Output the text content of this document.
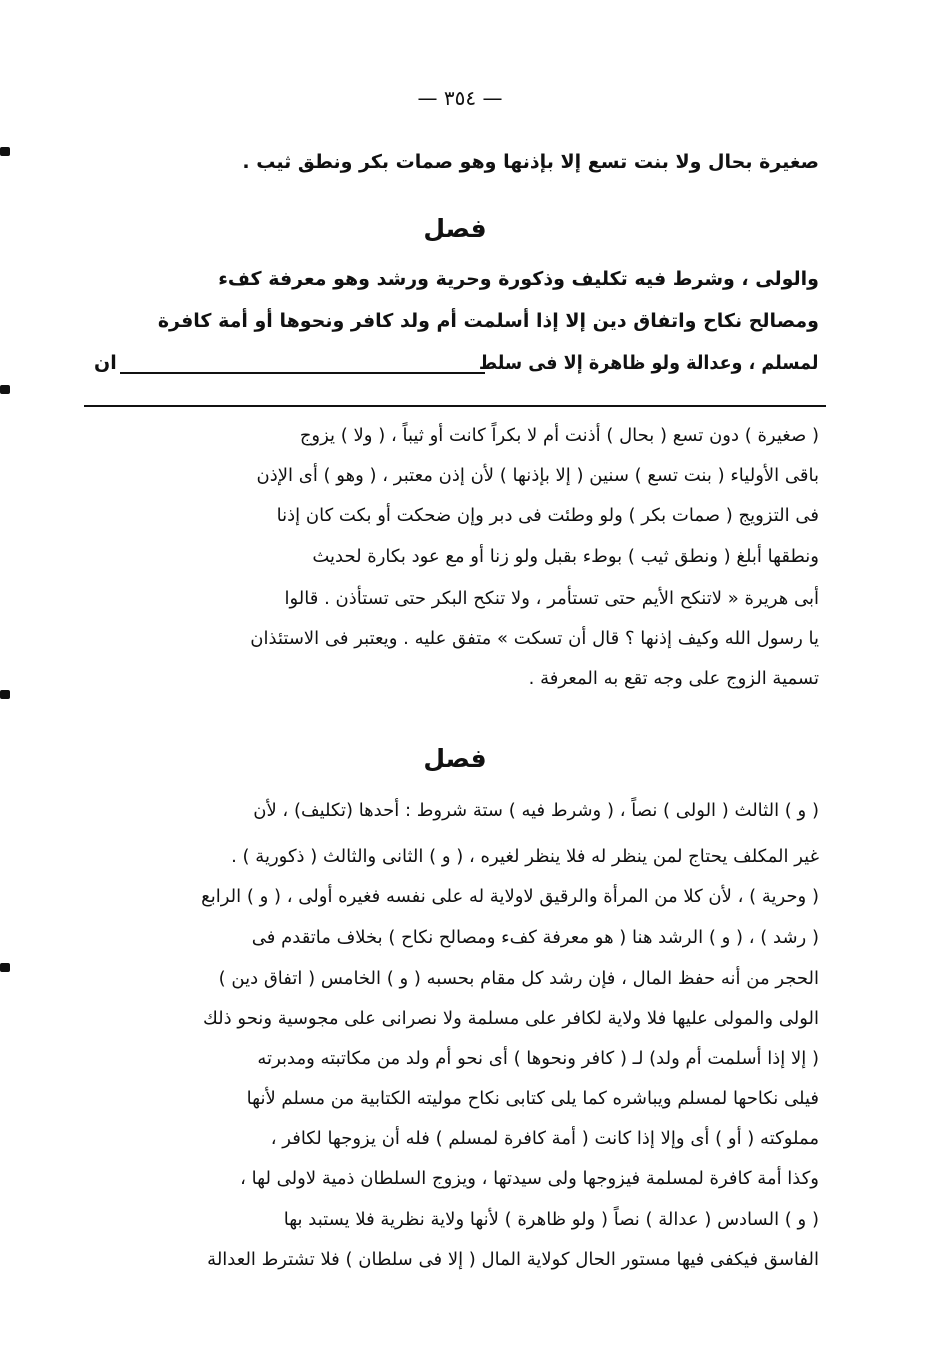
— ٣٥٤ —
صغيرة بحال ولا بنت تسع إلا بإذنها وهو صمات بكر ونطق ثيب .
فصل
والولى ، وشرط فيه تكليف وذكورة وحرية ورشد وهو معرفة كفء
ومصالح نكاح واتفاق دين إلا إذا أسلمت أم ولد كافر ونحوها أو أمة كافرة
لمسلم ، وعدالة ولو ظاهرة إلا فى سلط
ان
( صغيرة ) دون تسع ( بحال ) أذنت أم لا بكراً كانت أو ثيباً ، ( ولا ) يزوج
باقى الأولياء ( بنت تسع ) سنين ( إلا بإذنها ) لأن إذن معتبر ، ( وهو ) أى الإذن
فى التزويج ( صمات بكر ) ولو وطئت فى دبر وإن ضحكت أو بكت كان إذنا
ونطقها أبلغ ( ونطق ثيب ) بوطء بقبل ولو زنا أو مع عود بكارة لحديث
أبى هريرة « لاتنكح الأيم حتى تستأمر ، ولا تنكح البكر حتى تستأذن . قالوا
يا رسول الله وكيف إذنها ؟ قال أن تسكت » متفق عليه . ويعتبر فى الاستئذان
تسمية الزوج على وجه تقع به المعرفة .
فصل
( و ) الثالث ( الولى ) نصاً ، ( وشرط فيه ) ستة شروط : أحدها (تكليف) ، لأن
غير المكلف يحتاج لمن ينظر له فلا ينظر لغيره ، ( و ) الثانى والثالث ( ذكورية ) .
( وحرية ) ، لأن كلا من المرأة والرقيق لاولاية له على نفسه فغيره أولى ، ( و ) الرابع
( رشد ) ، ( و ) الرشد هنا ( هو معرفة كفء ومصالح نكاح ) بخلاف ماتقدم فى
الحجر من أنه حفظ المال ، فإن رشد كل مقام بحسبه ( و ) الخامس ( اتفاق دين )
الولى والمولى عليها فلا ولاية لكافر على مسلمة ولا نصرانى على مجوسية ونحو ذلك
( إلا إذا أسلمت أم ولد) لـ ( كافر ونحوها ) أى نحو أم ولد من مكاتبته ومدبرته
فيلى نكاحها لمسلم ويباشره كما يلى كتابى نكاح موليته الكتابية من مسلم لأنها
مملوكته ( أو ) أى وإلا إذا كانت ( أمة كافرة لمسلم ) فله أن يزوجها لكافر ،
وكذا أمة كافرة لمسلمة فيزوجها ولى سيدتها ، ويزوج السلطان ذمية لاولى لها ،
( و ) السادس ( عدالة ) نصاً ( ولو ظاهرة ) لأنها ولاية نظرية فلا يستبد بها
الفاسق فيكفى فيها مستور الحال كولاية المال ( إلا فى سلطان ) فلا تشترط العدالة
